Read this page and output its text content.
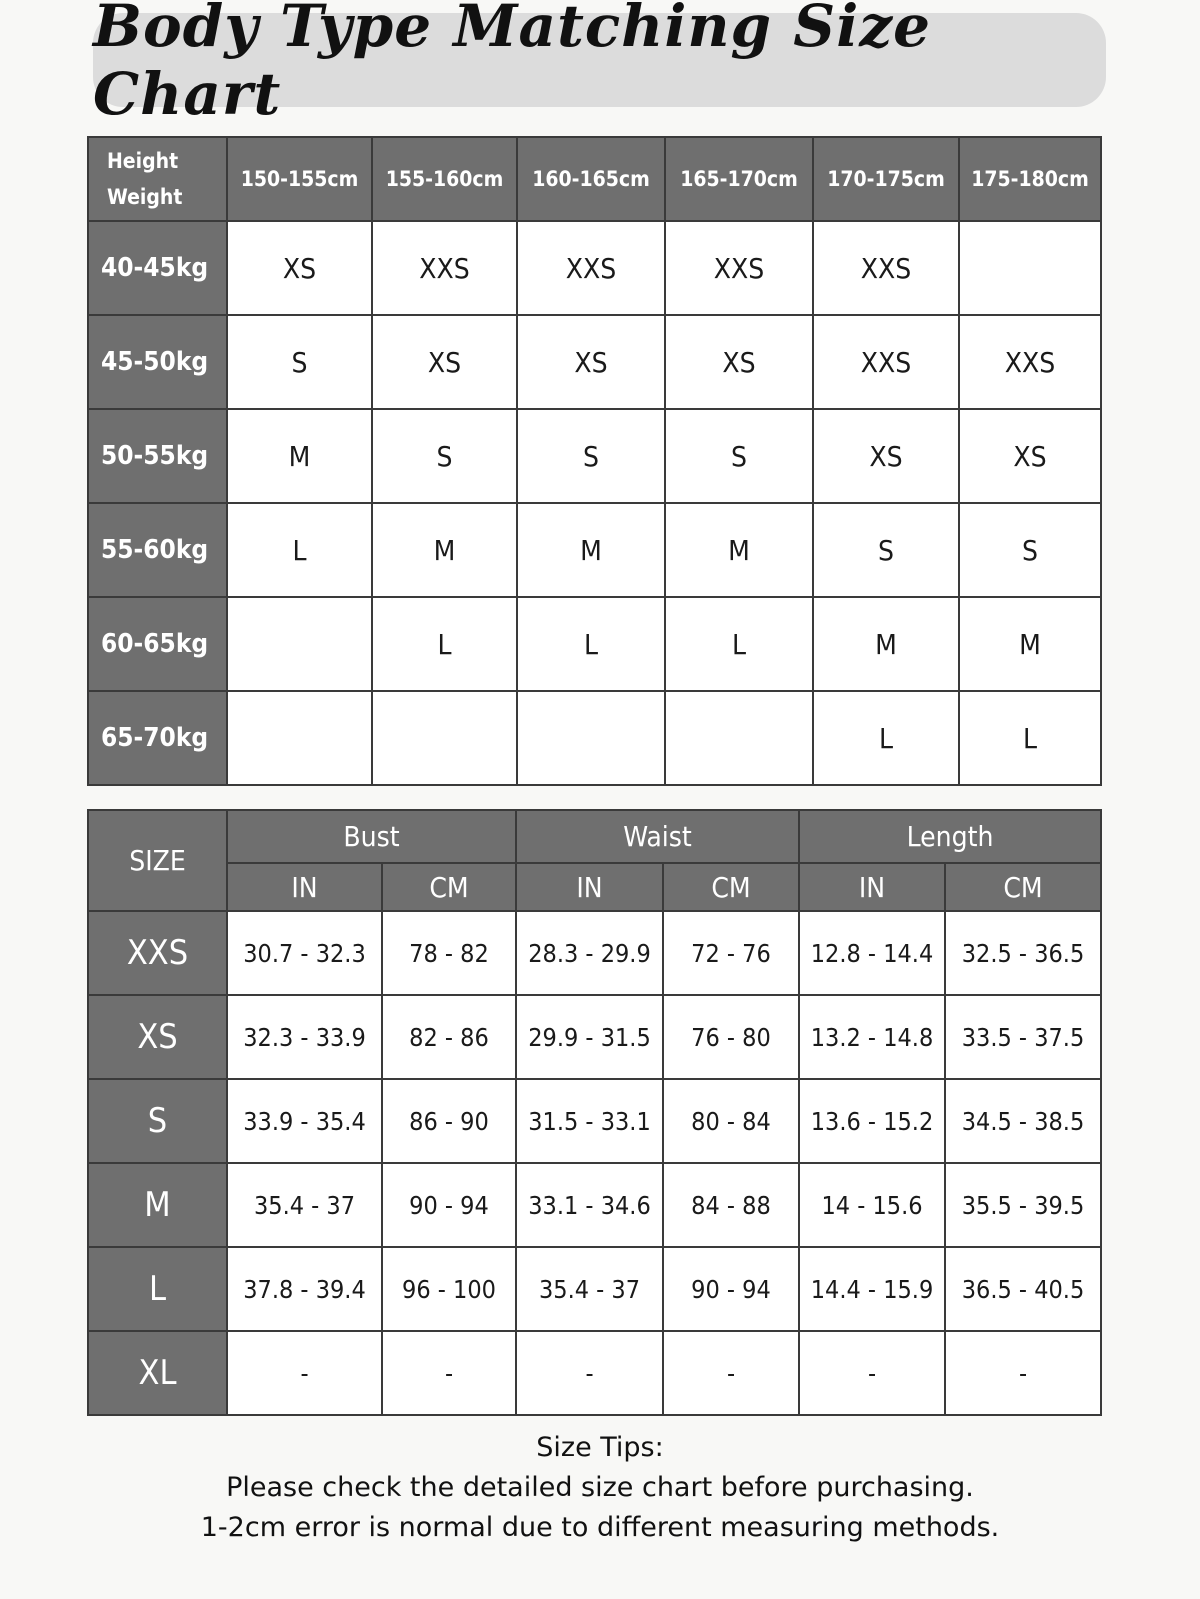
Body Type Matching Size Chart
Height
Weight	150-155cm	155-160cm	160-165cm	165-170cm	170-175cm	175-180cm
40-45kg	XS	XXS	XXS	XXS	XXS	
45-50kg	S	XS	XS	XS	XXS	XXS
50-55kg	M	S	S	S	XS	XS
55-60kg	L	M	M	M	S	S
60-65kg		L	L	L	M	M
65-70kg					L	L
SIZE	Bust		Waist		Length	
	IN	CM	IN	CM	IN	CM
XXS	30.7 - 32.3	78 - 82	28.3 - 29.9	72 - 76	12.8 - 14.4	32.5 - 36.5
XS	32.3 - 33.9	82 - 86	29.9 - 31.5	76 - 80	13.2 - 14.8	33.5 - 37.5
S	33.9 - 35.4	86 - 90	31.5 - 33.1	80 - 84	13.6 - 15.2	34.5 - 38.5
M	35.4 - 37	90 - 94	33.1 - 34.6	84 - 88	14 - 15.6	35.5 - 39.5
L	37.8 - 39.4	96 - 100	35.4 - 37	90 - 94	14.4 - 15.9	36.5 - 40.5
XL	-	-	-	-	-	-
Size Tips:
Please check the detailed size chart before purchasing.
1-2cm error is normal due to different measuring methods.
